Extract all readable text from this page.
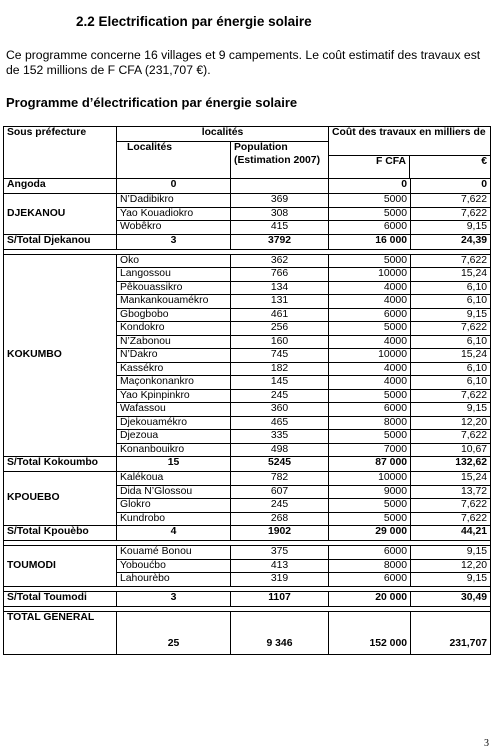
2.2 Electrification par énergie solaire
Ce programme concerne 16 villages et 9 campements. Le coût estimatif des travaux est de 152 millions de F CFA (231,707 €).
Programme d’électrification par énergie solaire
Sous préfecture	localités		Coût des travaux en milliers de
F CFA €	

	Localités	Population (Estimation 2007)		
Angoda	0		0	0
DJEKANOU	N’Dadibikro	369	5000	7,622
	Yao Kouadiokro	308	5000	7,622
	Wobêkro	415	6000	9,15
S/Total Djekanou	3	3792	16 000	24,39

KOKUMBO	Oko	362	5000	7,622
	Langossou	766	10000	15,24
	Pêkouassikro	134	4000	6,10
	Mankankouamékro	131	4000	6,10
	Gbogbobo	461	6000	9,15
	Kondokro	256	5000	7,622
	N’Zabonou	160	4000	6,10
	N’Dakro	745	10000	15,24
	Kassékro	182	4000	6,10
	Maçonkonankro	145	4000	6,10
	Yao Kpinpinkro	245	5000	7,622
	Wafassou	360	6000	9,15
	Djekouamékro	465	8000	12,20
	Djezoua	335	5000	7,622
	Konanbouikro	498	7000	10,67
S/Total Kokoumbo	15	5245	87 000	132,62
KPOUEBO	Kalékoua	782	10000	15,24
	Dida N’Glossou	607	9000	13,72
	Glokro	245	5000	7,622
	Kundrobo	268	5000	7,622
S/Total Kpouèbo	4	1902	29 000	44,21

TOUMODI	Kouamé Bonou	375	6000	9,15
	Yoboućbo	413	8000	12,20
	Lahourèbo	319	6000	9,15

S/Total Toumodi	3	1107	20 000	30,49

TOTAL GENERAL				
	25	9 346	152 000	231,707
3
